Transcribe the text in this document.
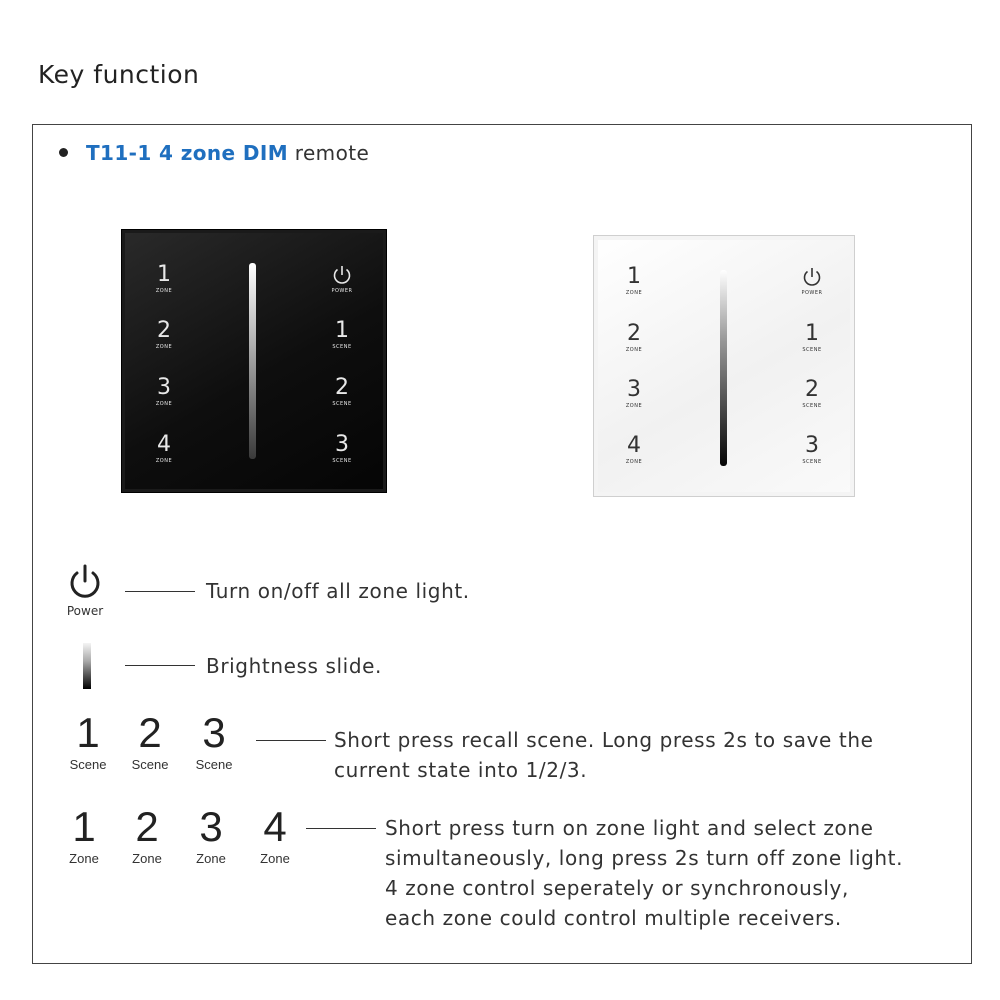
Key function
T11-1 4 zone DIM remote
1
ZONE
2
ZONE
3
ZONE
4
ZONE
POWER
1
SCENE
2
SCENE
3
SCENE
1
ZONE
2
ZONE
3
ZONE
4
ZONE
POWER
1
SCENE
2
SCENE
3
SCENE
Power
Turn on/off all zone light.
Brightness slide.
1
Scene
2
Scene
3
Scene
Short press recall scene. Long press 2s to save the
current state into 1/2/3.
1
Zone
2
Zone
3
Zone
4
Zone
Short press turn on zone light and select zone
simultaneously, long press 2s turn off zone light.
4 zone control seperately or synchronously,
each zone could control multiple receivers.
